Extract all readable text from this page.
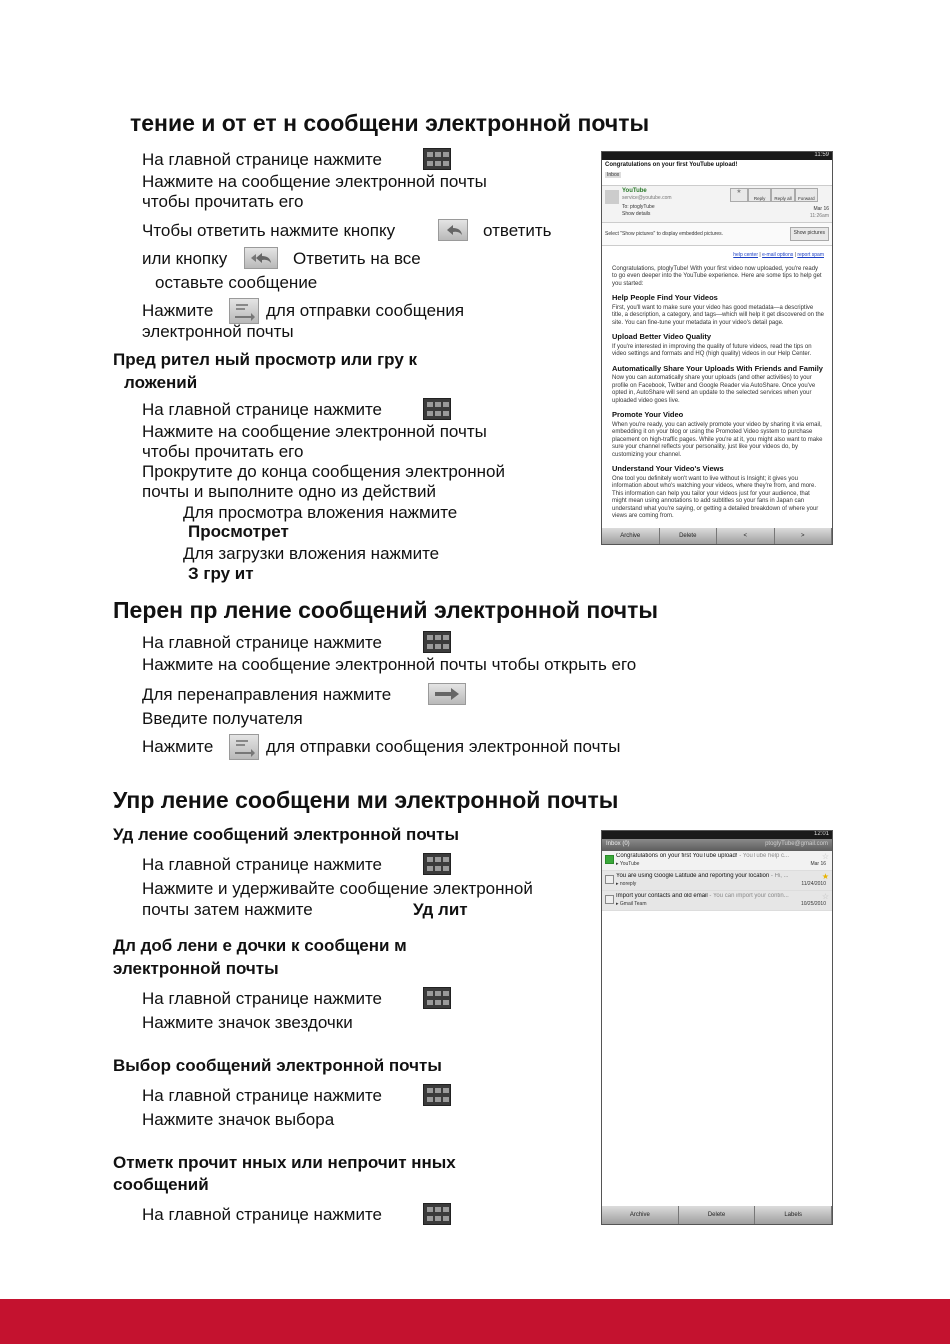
тение и от ет н сообщени электронной почты
На главной странице нажмите
Нажмите на сообщение электронной почты
чтобы прочитать его
Чтобы ответить нажмите кнопку	ответить
или кнопку	Ответить на все
оставьте сообщение
Нажмите	для отправки сообщения
электронной почты
Пред рител ный просмотр или гру к
ложений
На главной странице нажмите
Нажмите на сообщение электронной почты
чтобы прочитать его
Прокрутите до конца сообщения электронной
почты и выполните одно из действий
Для просмотра вложения нажмите
Просмотрет
Для загрузки вложения нажмите
З гру ит
Перен пр ление сообщений электронной почты
На главной странице нажмите
Нажмите на сообщение электронной почты чтобы открыть его
Для перенаправления нажмите
Введите получателя
Нажмите	для отправки сообщения электронной почты
Упр ление сообщени ми электронной почты
Уд ление сообщений электронной почты
На главной странице нажмите
Нажмите и удерживайте сообщение электронной
почты затем нажмите	Уд лит
Дл доб лени е дочки к сообщени м
электронной почты
На главной странице нажмите
Нажмите значок звездочки
Выбор сообщений электронной почты
На главной странице нажмите
Нажмите значок выбора
Отметк прочит нных или непрочит нных
сообщений
На главной странице нажмите
11:59
Congratulations on your first YouTube upload!
Inbox
YouTube
service@youtube.com
To: ptoglyTube
Show details
★
Reply	Reply all	Forward
Mar 16
11:26am
Select "Show pictures" to display embedded pictures.	Show pictures
help center | e-mail options | report spam
Congratulations, ptoglyTube! With your first video now uploaded, you're ready to go even deeper into the YouTube experience. Here are some tips to help get you started:
Help People Find Your Videos
First, you'll want to make sure your video has good metadata—a descriptive title, a description, a category, and tags—which will help it get discovered on the site. You can fine-tune your metadata in your video's detail page.
Upload Better Video Quality
If you're interested in improving the quality of future videos, read the tips on video settings and formats and HQ (high quality) videos in our Help Center.
Automatically Share Your Uploads With Friends and Family
Now you can automatically share your uploads (and other activities) to your profile on Facebook, Twitter and Google Reader via AutoShare. Once you've opted in, AutoShare will send an update to the selected services when your uploaded video goes live.
Promote Your Video
When you're ready, you can actively promote your video by sharing it via email, embedding it on your blog or using the Promoted Video system to purchase placement on high-traffic pages. While you're at it, you might also want to make sure your channel reflects your personality, just like your videos do, by customizing your channel.
Understand Your Video's Views
One tool you definitely won't want to live without is Insight; it gives you information about who's watching your videos, where they're from, and more. This information can help you tailor your videos just for your audience, that might mean using annotations to add subtitles so your fans in Japan can understand what you're saying, or getting a detailed breakdown of where your views are coming from.
Archive	Delete	<	>
12:01
Inbox (0)	ptoglyTube@gmail.com
Congratulations on your first YouTube upload! - YouTube help c...
▸ YouTube	Mar 16
☆
You are using Google Latitude and reporting your location - Hi, ...
▸ noreply	11/24/2010
★
Import your contacts and old email - You can import your contin...
▸ Gmail Team	10/25/2010
☆
Archive	Delete	Labels
